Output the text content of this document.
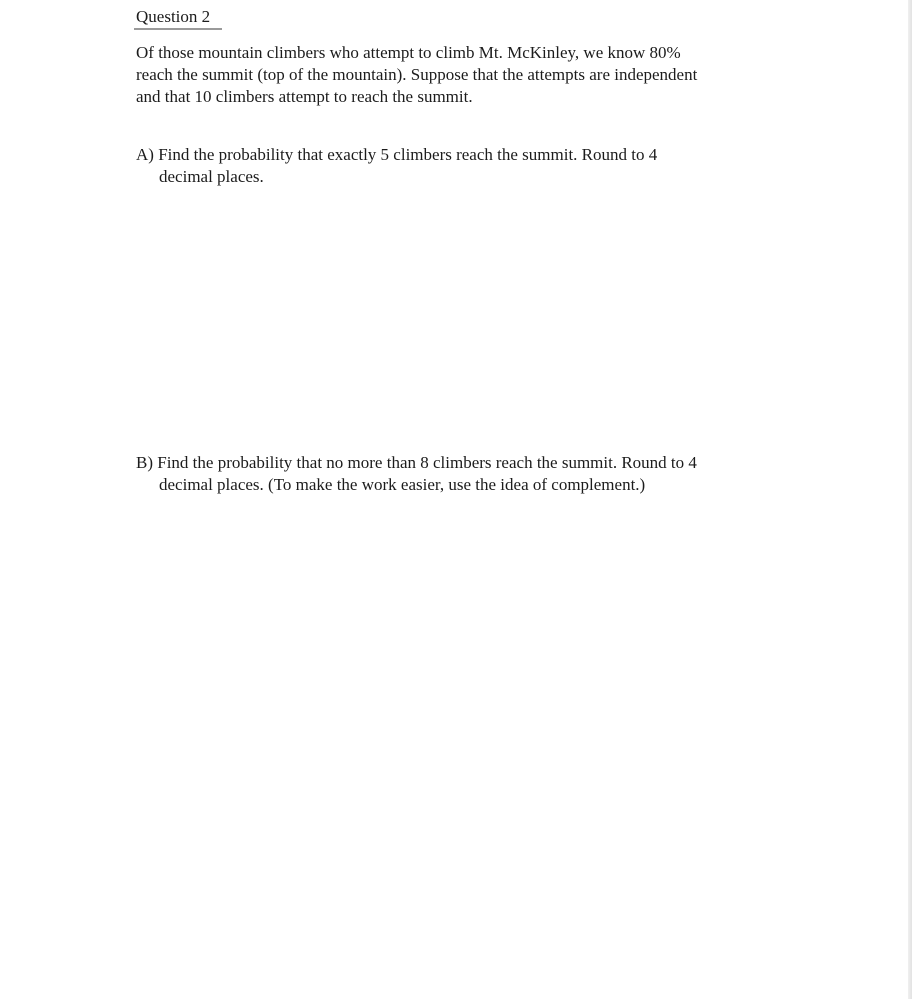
Question 2
Of those mountain climbers who attempt to climb Mt. McKinley, we know 80%
reach the summit (top of the mountain). Suppose that the attempts are independent
and that 10 climbers attempt to reach the summit.
A) Find the probability that exactly 5 climbers reach the summit. Round to 4
decimal places.
B) Find the probability that no more than 8 climbers reach the summit. Round to 4
decimal places. (To make the work easier, use the idea of complement.)
